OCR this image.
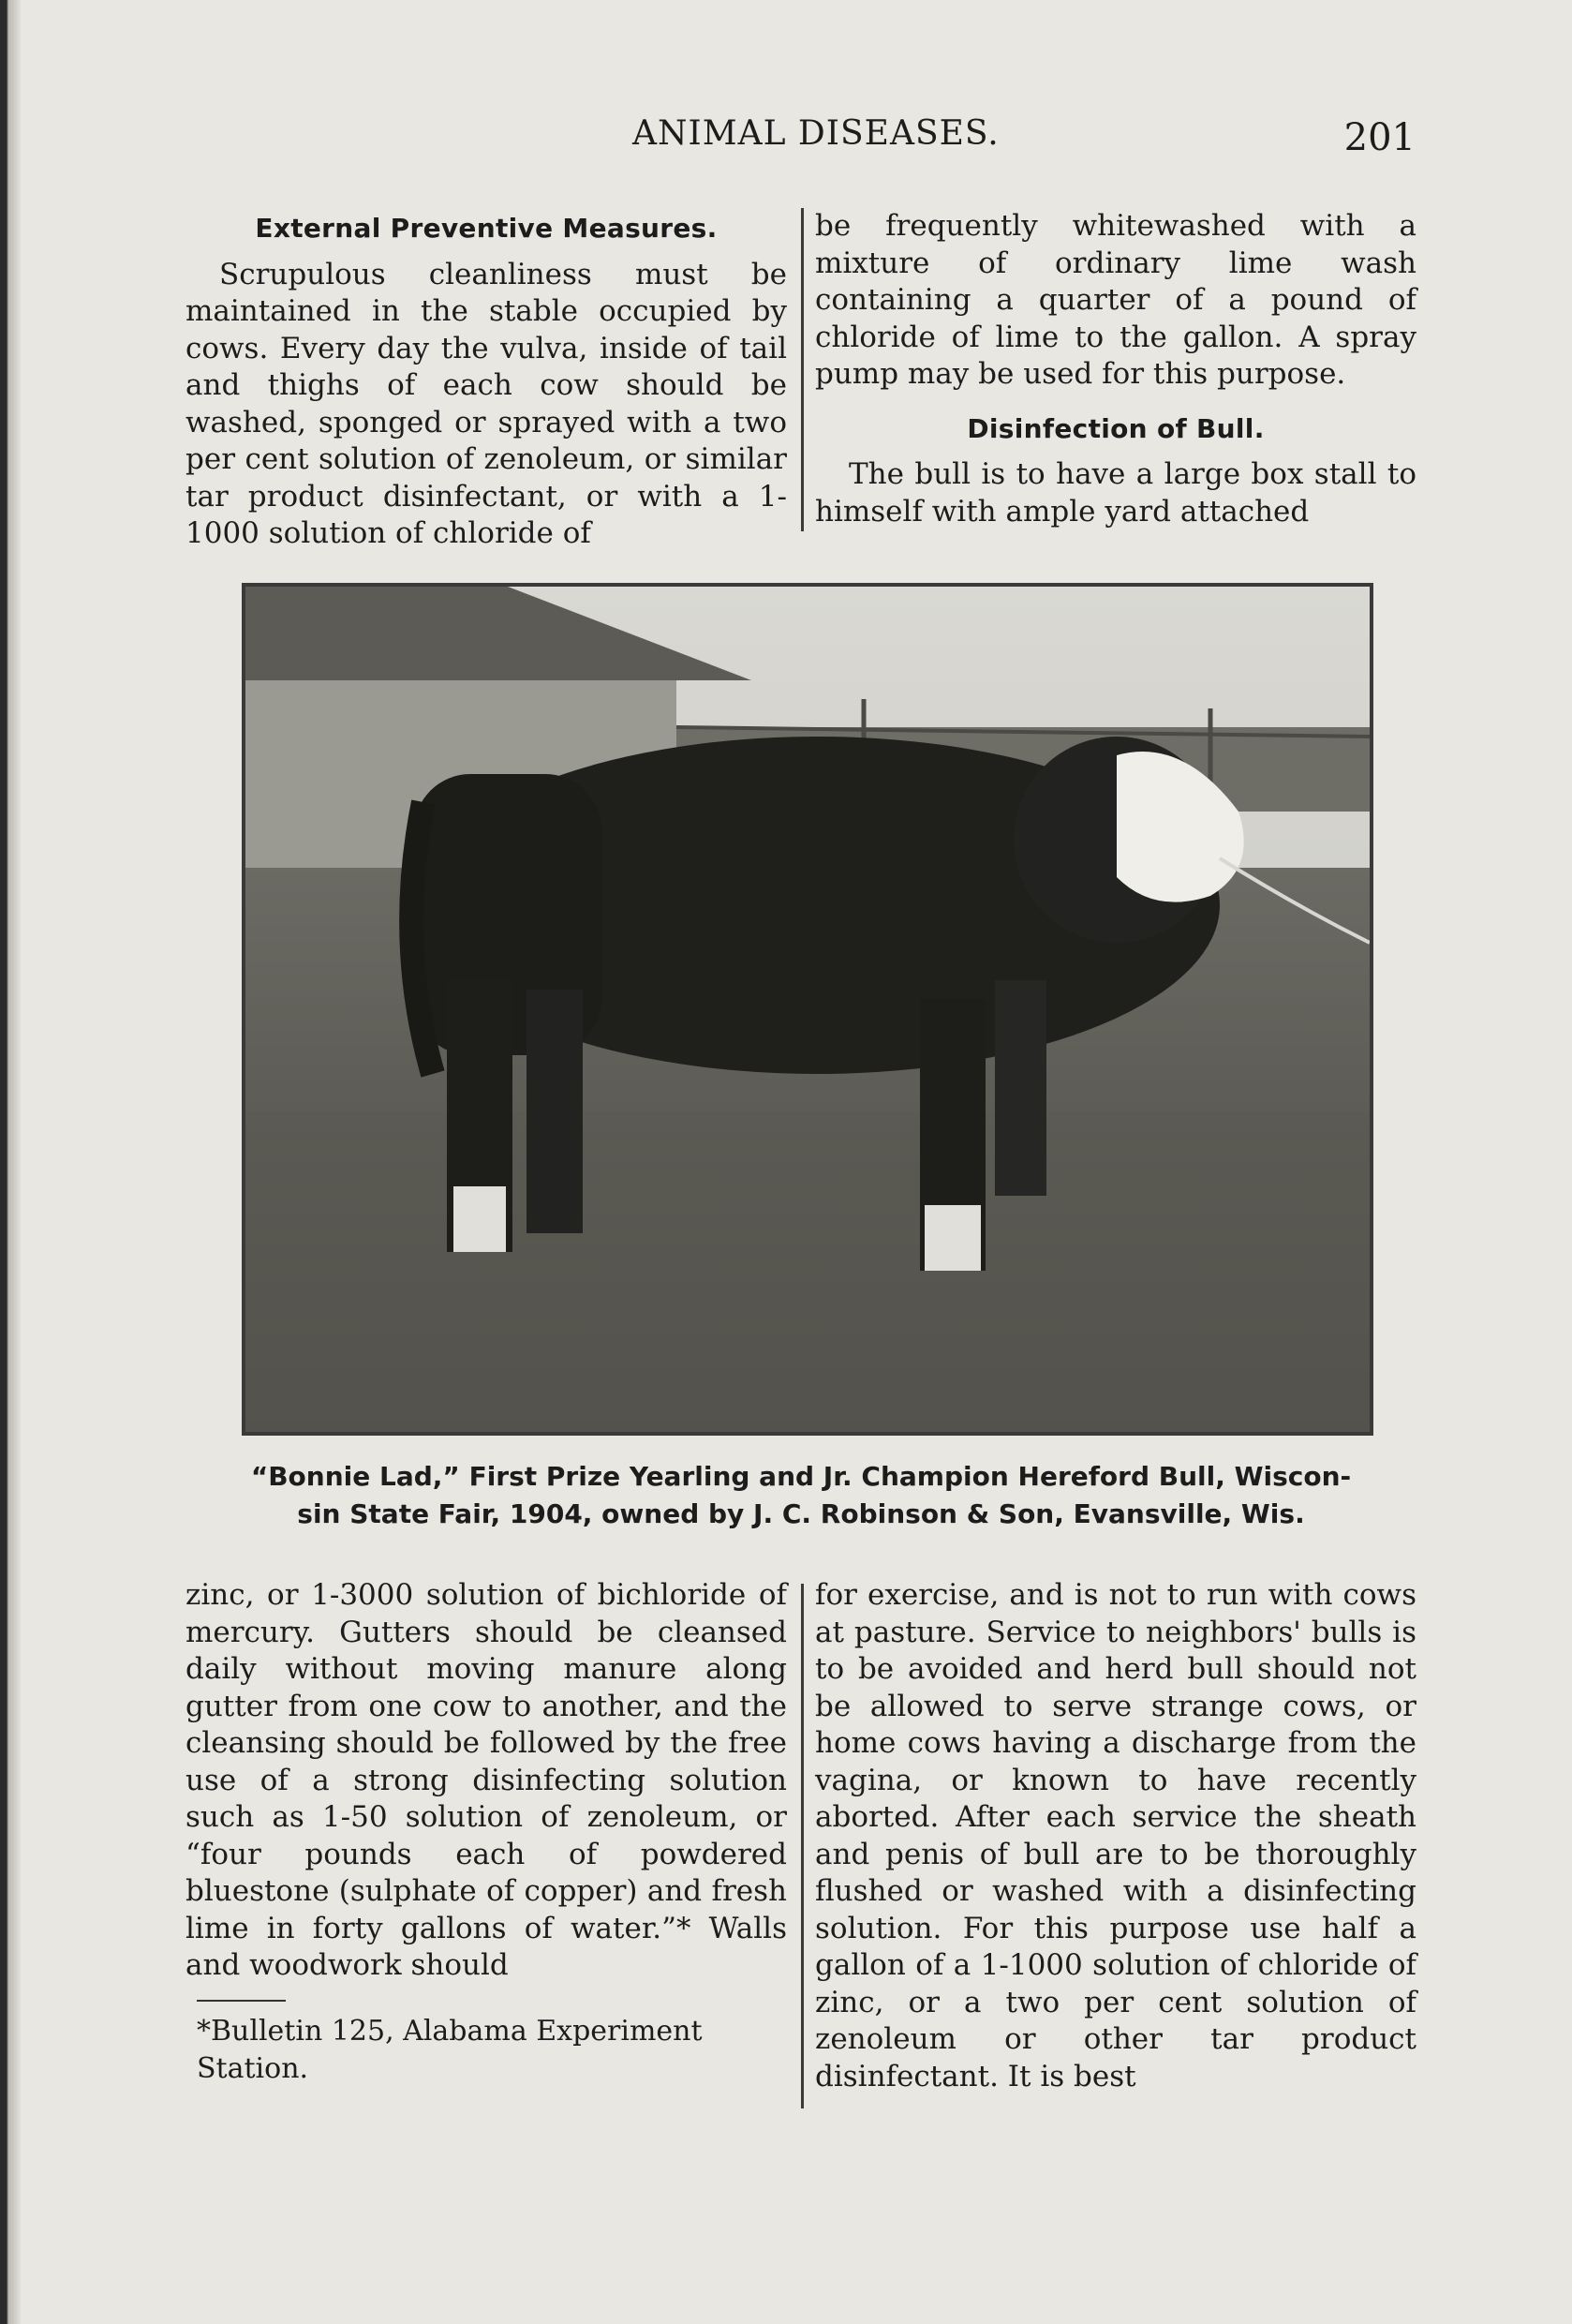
ANIMAL DISEASES.	201
External Preventive Measures.

Scrupulous cleanliness must be maintained in the stable occupied by cows. Every day the vulva, inside of tail and thighs of each cow should be washed, sponged or sprayed with a two per cent solution of zenoleum, or similar tar product disinfectant, or with a 1-1000 solution of chloride of

be frequently whitewashed with a mixture of ordinary lime wash containing a quarter of a pound of chloride of lime to the gallon. A spray pump may be used for this purpose.

Disinfection of Bull.

The bull is to have a large box stall to himself with ample yard attached

“Bonnie Lad,” First Prize Yearling and Jr. Champion Hereford Bull, Wiscon-
sin State Fair, 1904, owned by J. C. Robinson & Son, Evansville, Wis.

zinc, or 1-3000 solution of bichloride of mercury. Gutters should be cleansed daily without moving manure along gutter from one cow to another, and the cleansing should be followed by the free use of a strong disinfecting solution such as 1-50 solution of zenoleum, or “four pounds each of powdered bluestone (sulphate of copper) and fresh lime in forty gallons of water.”* Walls and woodwork should

*Bulletin 125, Alabama Experiment Station.

for exercise, and is not to run with cows at pasture. Service to neighbors' bulls is to be avoided and herd bull should not be allowed to serve strange cows, or home cows having a discharge from the vagina, or known to have recently aborted. After each service the sheath and penis of bull are to be thoroughly flushed or washed with a disinfecting solution. For this purpose use half a gallon of a 1-1000 solution of chloride of zinc, or a two per cent solution of zenoleum or other tar product disinfectant. It is best
